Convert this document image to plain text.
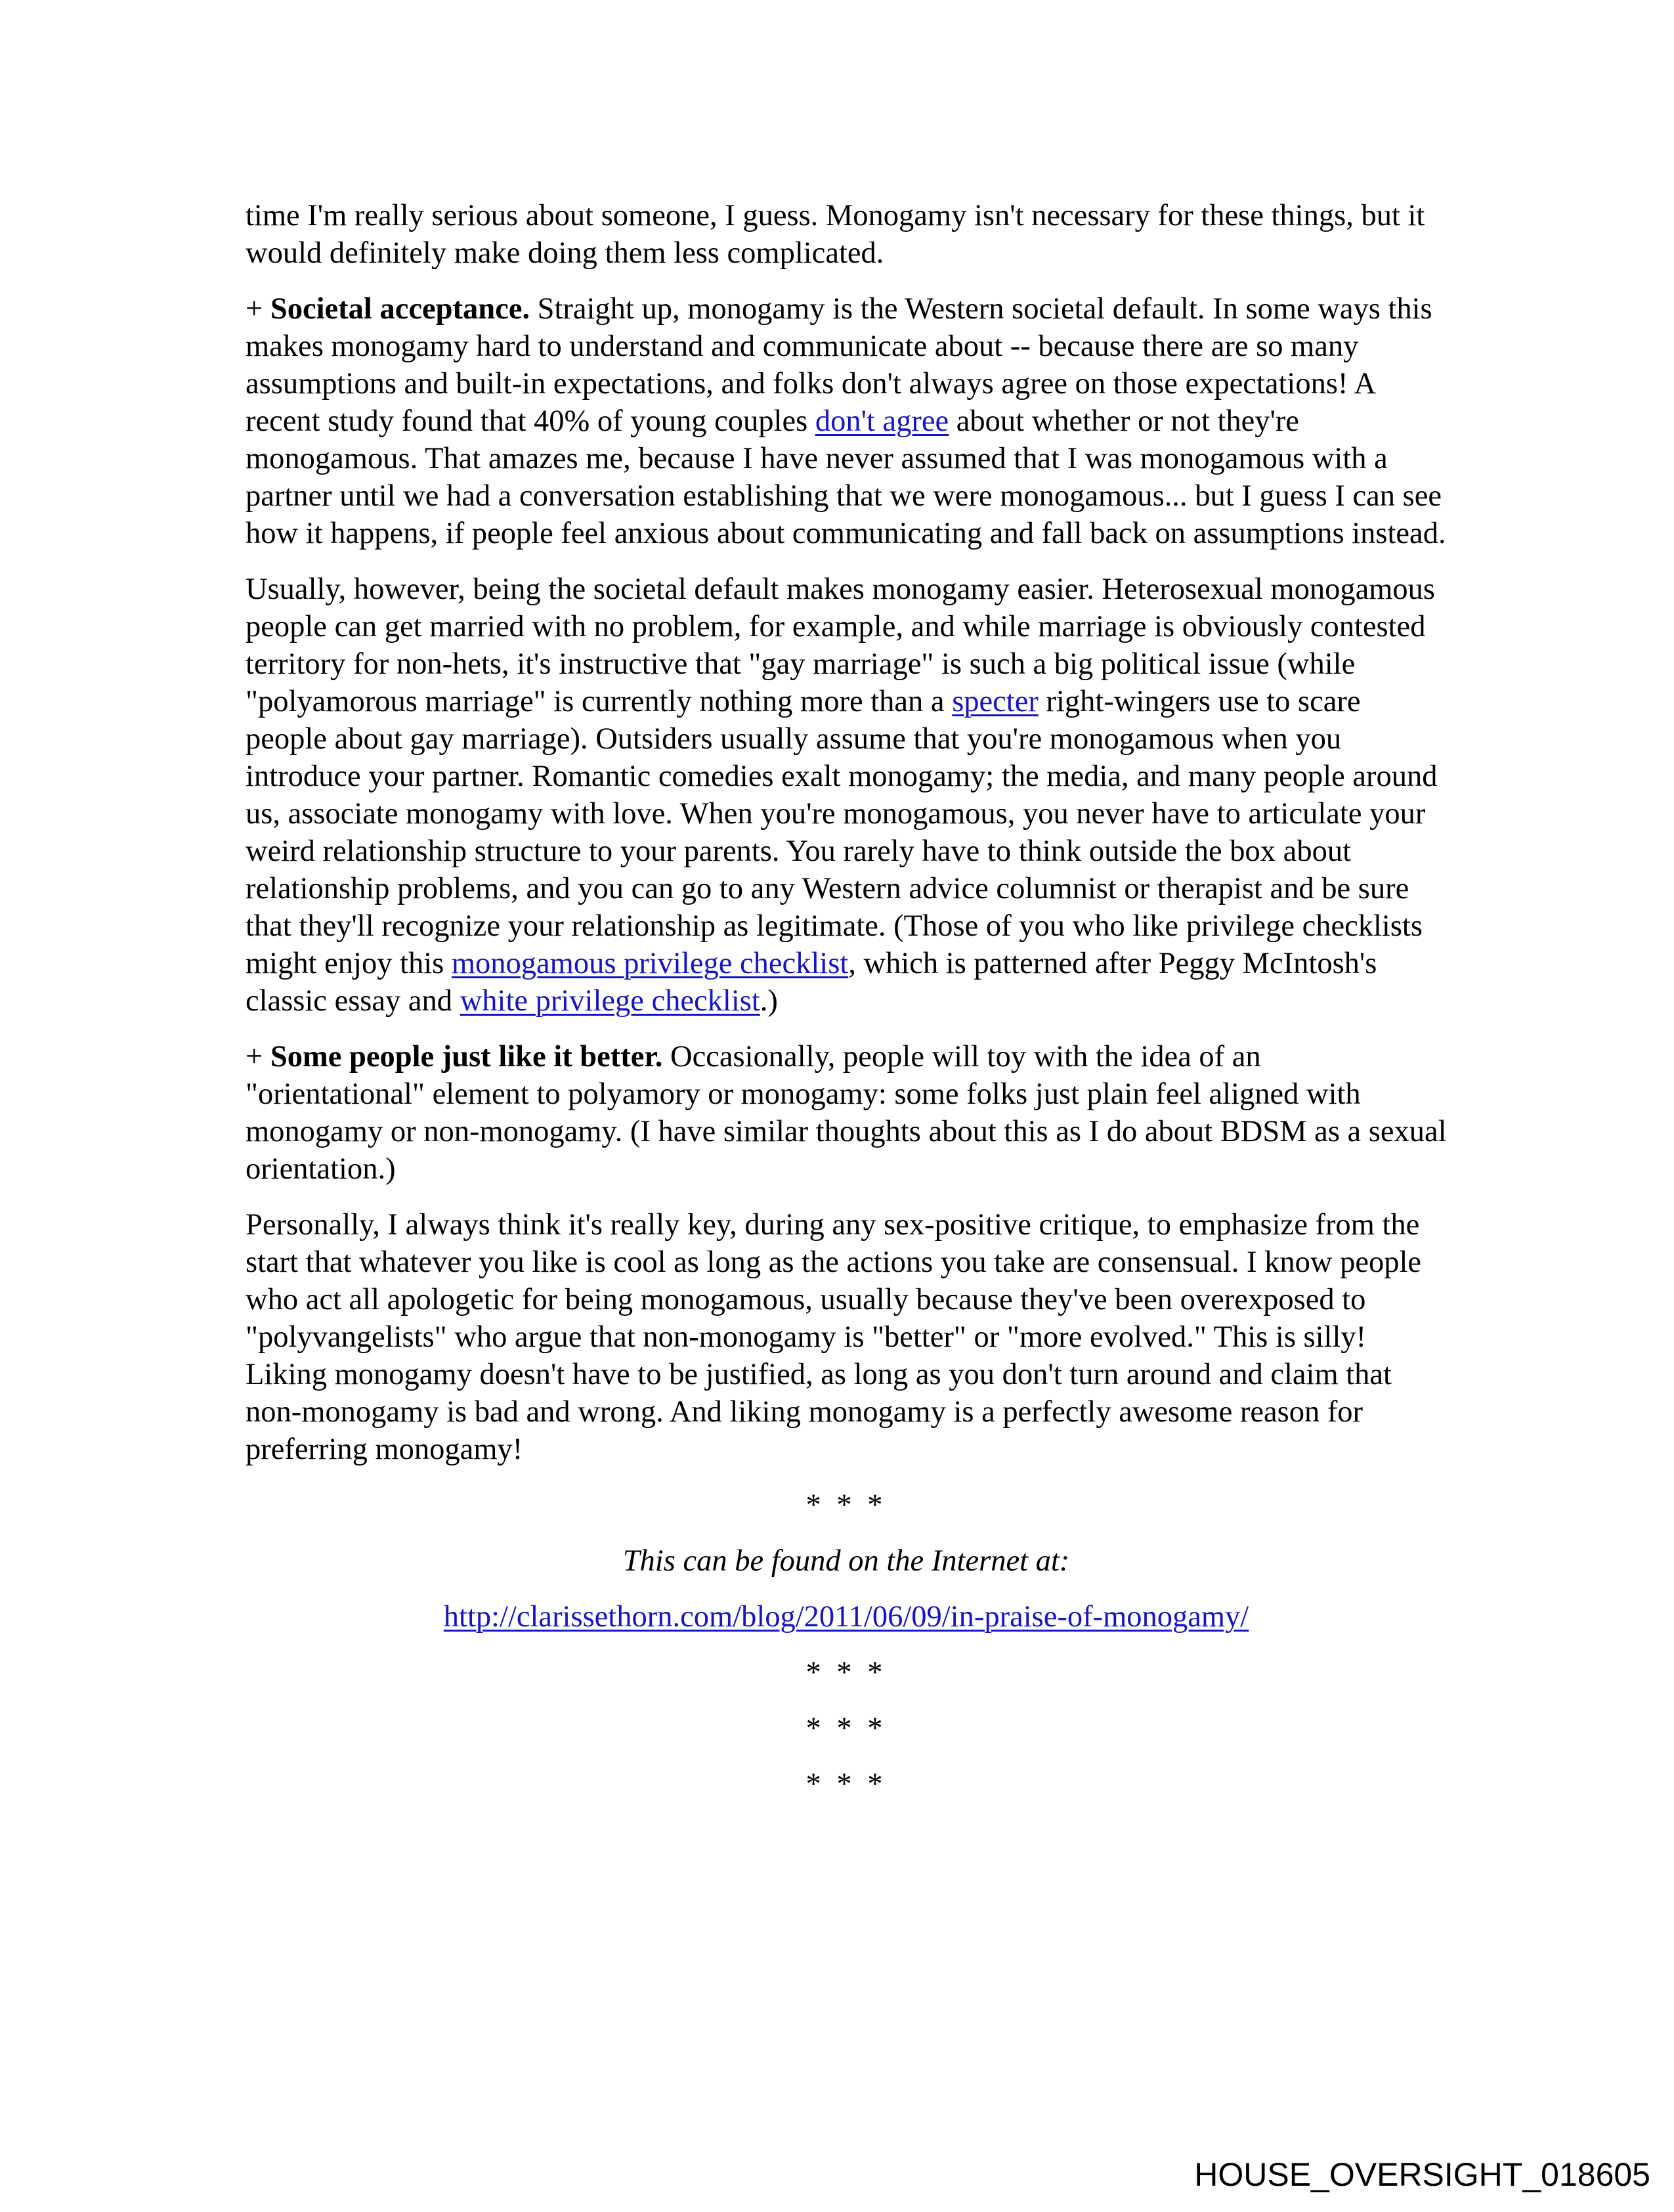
time I'm really serious about someone, I guess. Monogamy isn't necessary for these things, but it would definitely make doing them less complicated.

+ Societal acceptance. Straight up, monogamy is the Western societal default. In some ways this makes monogamy hard to understand and communicate about -- because there are so many assumptions and built-in expectations, and folks don't always agree on those expectations! A recent study found that 40% of young couples don't agree about whether or not they're monogamous. That amazes me, because I have never assumed that I was monogamous with a partner until we had a conversation establishing that we were monogamous... but I guess I can see how it happens, if people feel anxious about communicating and fall back on assumptions instead.

Usually, however, being the societal default makes monogamy easier. Heterosexual monogamous people can get married with no problem, for example, and while marriage is obviously contested territory for non-hets, it's instructive that "gay marriage" is such a big political issue (while "polyamorous marriage" is currently nothing more than a specter right-wingers use to scare people about gay marriage). Outsiders usually assume that you're monogamous when you introduce your partner. Romantic comedies exalt monogamy; the media, and many people around us, associate monogamy with love. When you're monogamous, you never have to articulate your weird relationship structure to your parents. You rarely have to think outside the box about relationship problems, and you can go to any Western advice columnist or therapist and be sure that they'll recognize your relationship as legitimate. (Those of you who like privilege checklists might enjoy this monogamous privilege checklist, which is patterned after Peggy McIntosh's classic essay and white privilege checklist.)

+ Some people just like it better. Occasionally, people will toy with the idea of an "orientational" element to polyamory or monogamy: some folks just plain feel aligned with monogamy or non-monogamy. (I have similar thoughts about this as I do about BDSM as a sexual orientation.)

Personally, I always think it's really key, during any sex-positive critique, to emphasize from the start that whatever you like is cool as long as the actions you take are consensual. I know people who act all apologetic for being monogamous, usually because they've been overexposed to "polyvangelists" who argue that non-monogamy is "better" or "more evolved." This is silly! Liking monogamy doesn't have to be justified, as long as you don't turn around and claim that non-monogamy is bad and wrong. And liking monogamy is a perfectly awesome reason for preferring monogamy!

* * *

This can be found on the Internet at:

http://clarissethorn.com/blog/2011/06/09/in-praise-of-monogamy/

* * *

* * *

* * *

HOUSE_OVERSIGHT_018605
